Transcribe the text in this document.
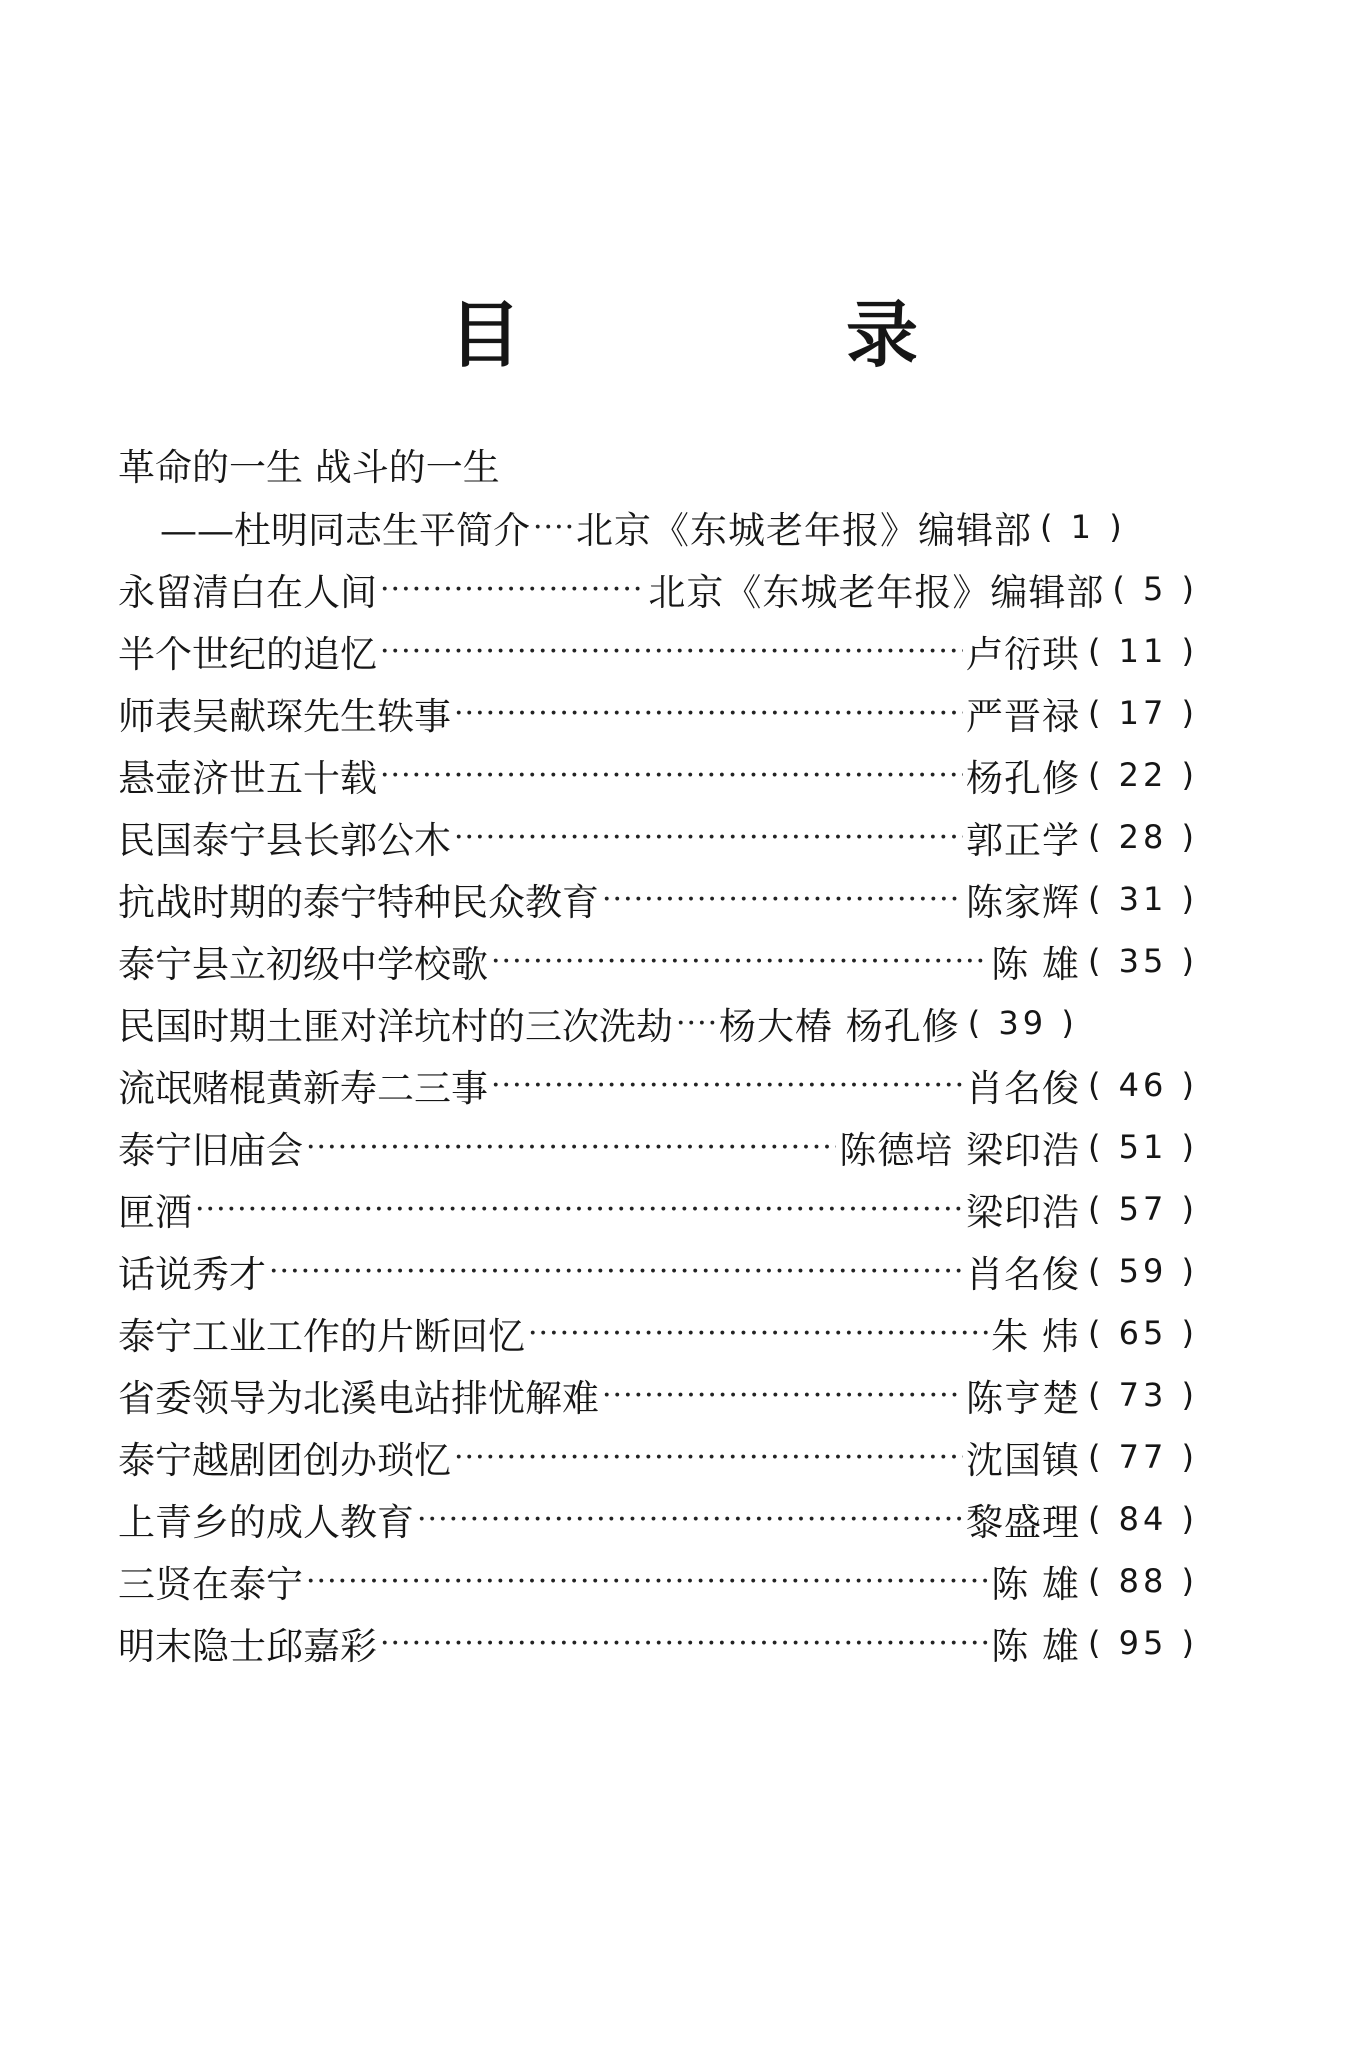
目 录
革命的一生 战斗的一生
——杜明同志生平简介 ····· 北京《东城老年报》编辑部 ( 1 )
永留清白在人间 ·····	北京《东城老年报》编辑部 ( 5 )
半个世纪的追忆 ·····	卢衍珙 ( 11 )
师表吴献琛先生轶事 ·····	严晋禄 ( 17 )
悬壶济世五十载 ·····	杨孔修 ( 22 )
民国泰宁县长郭公木 ·····	郭正学 ( 28 )
抗战时期的泰宁特种民众教育 ·····	陈家辉 ( 31 )
泰宁县立初级中学校歌 ·····	陈 雄 ( 35 )
民国时期土匪对洋坑村的三次洗劫 ····· 杨大椿 杨孔修 ( 39 )
流氓赌棍黄新寿二三事 ·····	肖名俊 ( 46 )
泰宁旧庙会 ·····	陈德培 梁印浩 ( 51 )
匣酒 ·····	梁印浩 ( 57 )
话说秀才 ·····	肖名俊 ( 59 )
泰宁工业工作的片断回忆 ·····	朱 炜 ( 65 )
省委领导为北溪电站排忧解难 ·····	陈亨楚 ( 73 )
泰宁越剧团创办琐忆 ·····	沈国镇 ( 77 )
上青乡的成人教育 ·····	黎盛理 ( 84 )
三贤在泰宁 ·····	陈 雄 ( 88 )
明末隐士邱嘉彩 ·····	陈 雄 ( 95 )
